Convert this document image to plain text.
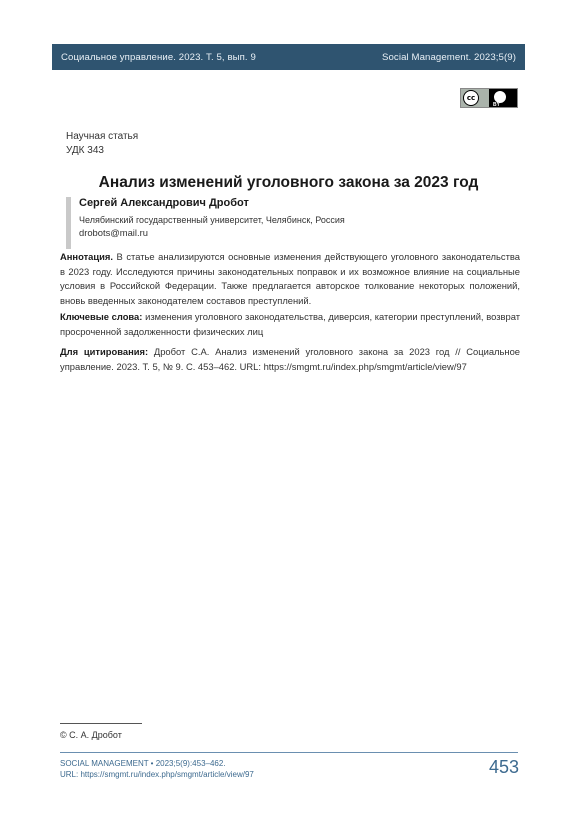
Социальное управление. 2023. Т. 5, вып. 9	Social Management. 2023;5(9)
cc
BY
Научная статья
УДК 343
Анализ изменений уголовного закона за 2023 год
Сергей Александрович Дробот
Челябинский государственный университет, Челябинск, Россия
drobots@mail.ru
Аннотация. В статье анализируются основные изменения действующего уголовного законодательства в 2023 году. Исследуются причины законодательных поправок и их возможное влияние на социальные условия в Российской Федерации. Также предлагается авторское толкование некоторых положений, вновь введенных законодателем составов преступлений.
Ключевые слова: изменения уголовного законодательства, диверсия, категории преступлений, возврат просроченной задолженности физических лиц
Для цитирования: Дробот С.А. Анализ изменений уголовного закона за 2023 год // Социальное управление. 2023. Т. 5, № 9. С. 453–462. URL: https://smgmt.ru/index.php/smgmt/article/view/97
© С. А. Дробот
SOCIAL MANAGEMENT • 2023;5(9):453–462.
URL: https://smgmt.ru/index.php/smgmt/article/view/97	453
